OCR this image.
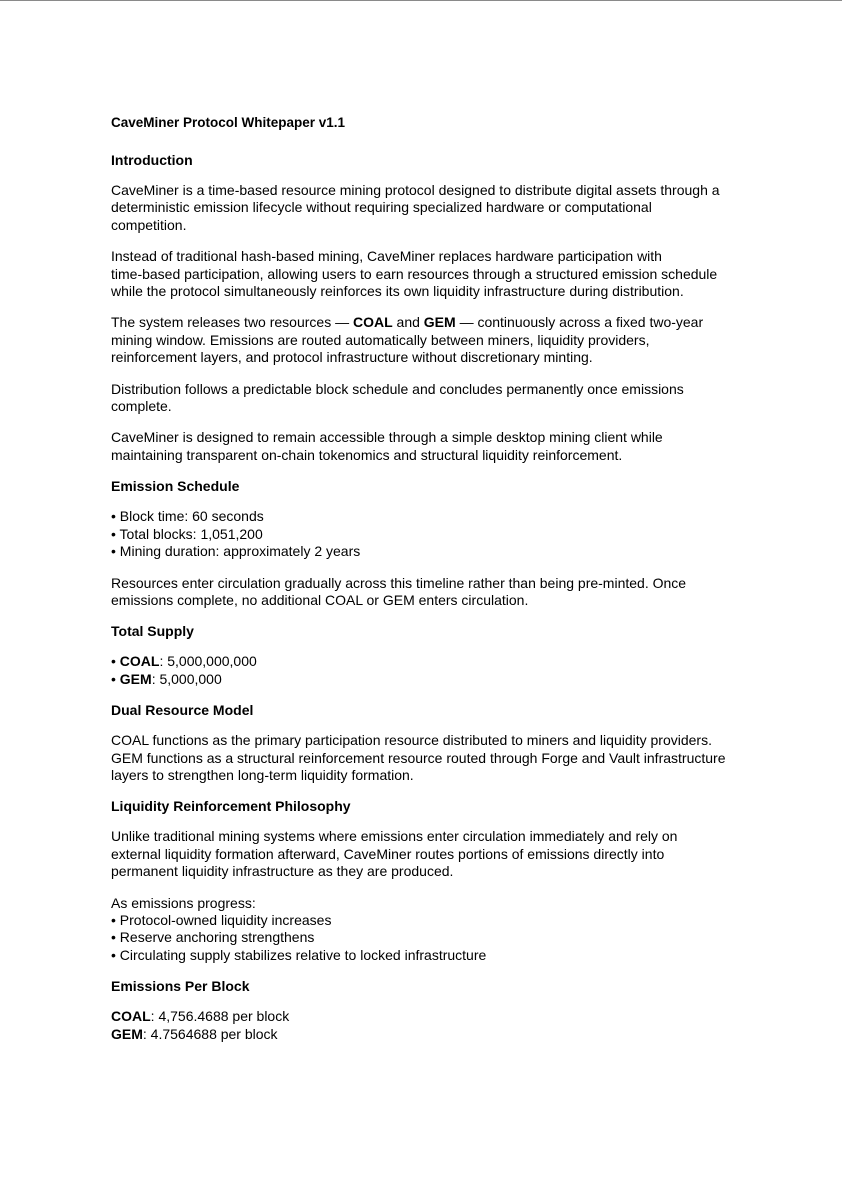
CaveMiner Protocol Whitepaper v1.1
Introduction

CaveMiner is a time-based resource mining protocol designed to distribute digital assets through a
deterministic emission lifecycle without requiring specialized hardware or computational
competition.

Instead of traditional hash-based mining, CaveMiner replaces hardware participation with
time-based participation, allowing users to earn resources through a structured emission schedule
while the protocol simultaneously reinforces its own liquidity infrastructure during distribution.

The system releases two resources — COAL and GEM — continuously across a fixed two-year
mining window. Emissions are routed automatically between miners, liquidity providers,
reinforcement layers, and protocol infrastructure without discretionary minting.

Distribution follows a predictable block schedule and concludes permanently once emissions
complete.

CaveMiner is designed to remain accessible through a simple desktop mining client while
maintaining transparent on-chain tokenomics and structural liquidity reinforcement.

Emission Schedule
• Block time: 60 seconds
• Total blocks: 1,051,200
• Mining duration: approximately 2 years

Resources enter circulation gradually across this timeline rather than being pre-minted. Once
emissions complete, no additional COAL or GEM enters circulation.

Total Supply
• COAL: 5,000,000,000
• GEM: 5,000,000
Dual Resource Model

COAL functions as the primary participation resource distributed to miners and liquidity providers.
GEM functions as a structural reinforcement resource routed through Forge and Vault infrastructure
layers to strengthen long-term liquidity formation.

Liquidity Reinforcement Philosophy

Unlike traditional mining systems where emissions enter circulation immediately and rely on
external liquidity formation afterward, CaveMiner routes portions of emissions directly into
permanent liquidity infrastructure as they are produced.

As emissions progress:
• Protocol-owned liquidity increases
• Reserve anchoring strengthens
• Circulating supply stabilizes relative to locked infrastructure
Emissions Per Block
COAL: 4,756.4688 per block
GEM: 4.7564688 per block
